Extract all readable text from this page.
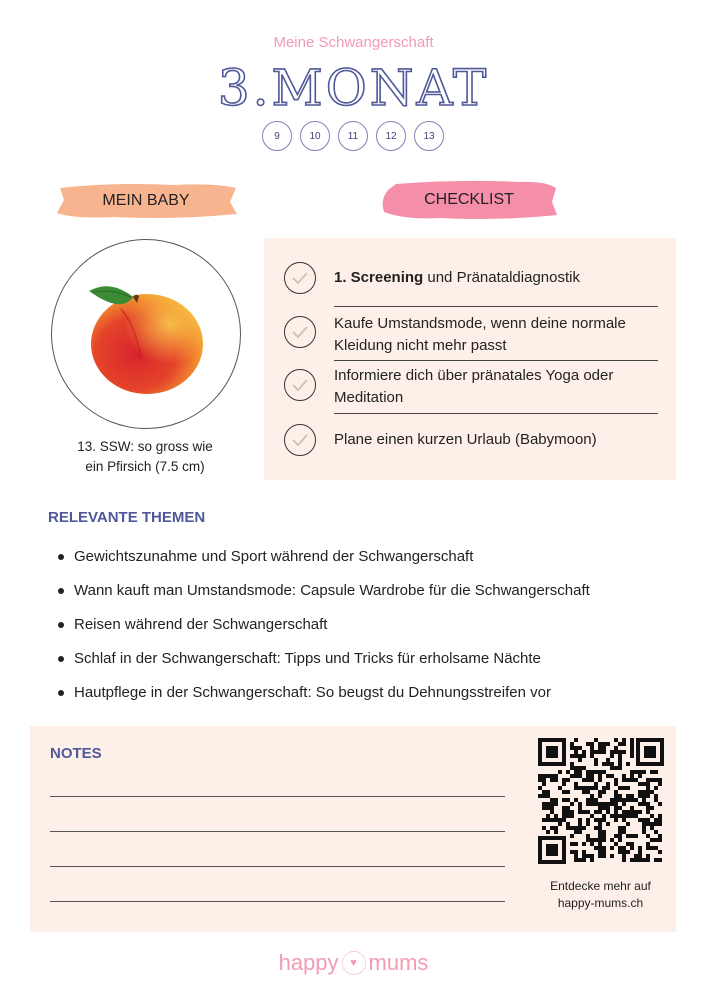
Meine Schwangerschaft
3.MONAT
9	10	11	12	13
MEIN BABY	CHECKLIST
13. SSW: so gross wie
ein Pfirsich (7.5 cm)
1. Screening und Pränataldiagnostik
Kaufe Umstandsmode, wenn deine normale Kleidung nicht mehr passt
Informiere dich über pränatales Yoga oder Meditation
Plane einen kurzen Urlaub (Babymoon)
RELEVANTE THEMEN
Gewichtszunahme und Sport während der Schwangerschaft
Wann kauft man Umstandsmode: Capsule Wardrobe für die Schwangerschaft
Reisen während der Schwangerschaft
Schlaf in der Schwangerschaft: Tipps und Tricks für erholsame Nächte
Hautpflege in der Schwangerschaft: So beugst du Dehnungsstreifen vor
NOTES
Entdecke mehr auf
happy-mums.ch
happy	♥ mums
